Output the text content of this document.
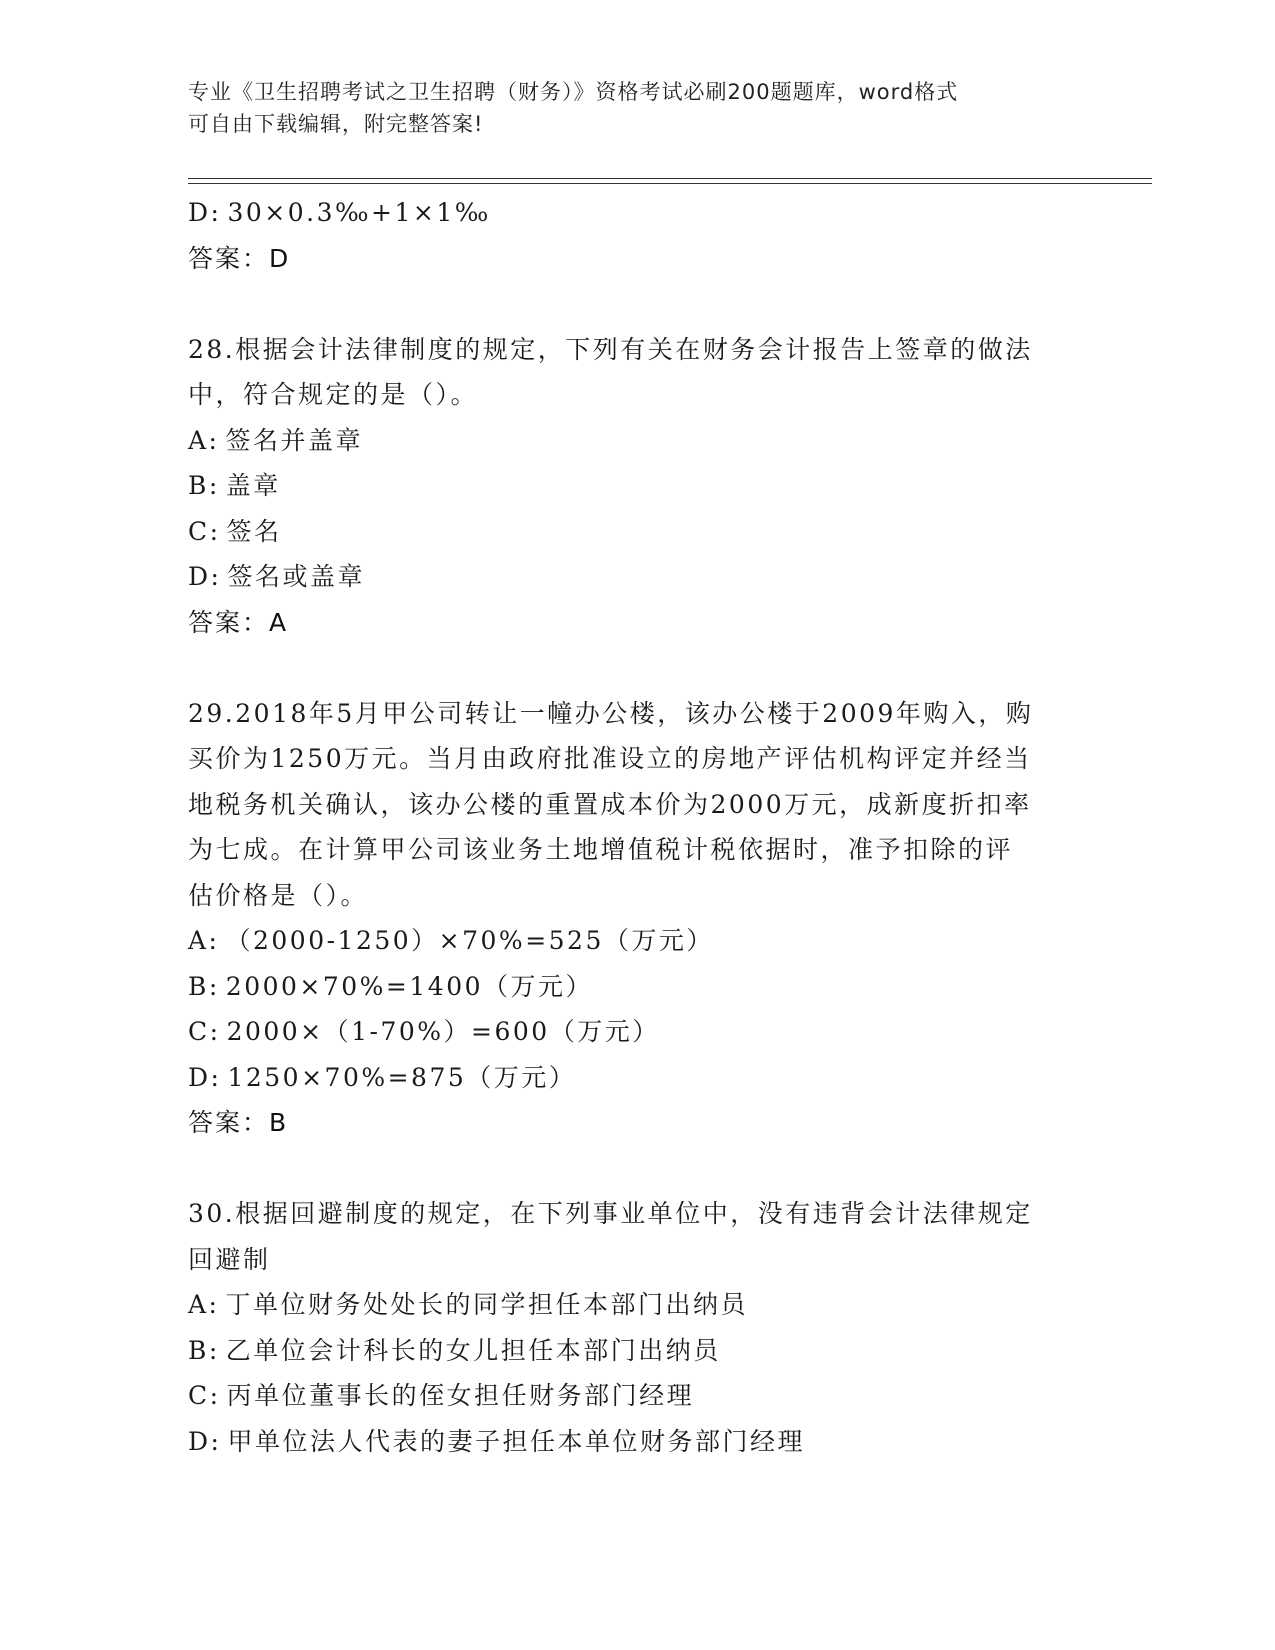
专业《卫生招聘考试之卫生招聘（财务）》资格考试必刷200题题库，word格式
可自由下载编辑，附完整答案!
D: 30×0.3‰+1×1‰
答案：D
28.根据会计法律制度的规定，下列有关在财务会计报告上签章的做法
中，符合规定的是（）。
A: 签名并盖章
B: 盖章
C: 签名
D: 签名或盖章
答案：A
29.2018年5月甲公司转让一幢办公楼，该办公楼于2009年购入，购
买价为1250万元。当月由政府批准设立的房地产评估机构评定并经当
地税务机关确认，该办公楼的重置成本价为2000万元，成新度折扣率
为七成。在计算甲公司该业务土地增值税计税依据时，准予扣除的评
估价格是（）。
A: （2000-1250）×70%=525（万元）
B: 2000×70%=1400（万元）
C: 2000×（1-70%）=600（万元）
D: 1250×70%=875（万元）
答案：B
30.根据回避制度的规定，在下列事业单位中，没有违背会计法律规定
回避制
A: 丁单位财务处处长的同学担任本部门出纳员
B: 乙单位会计科长的女儿担任本部门出纳员
C: 丙单位董事长的侄女担任财务部门经理
D: 甲单位法人代表的妻子担任本单位财务部门经理
